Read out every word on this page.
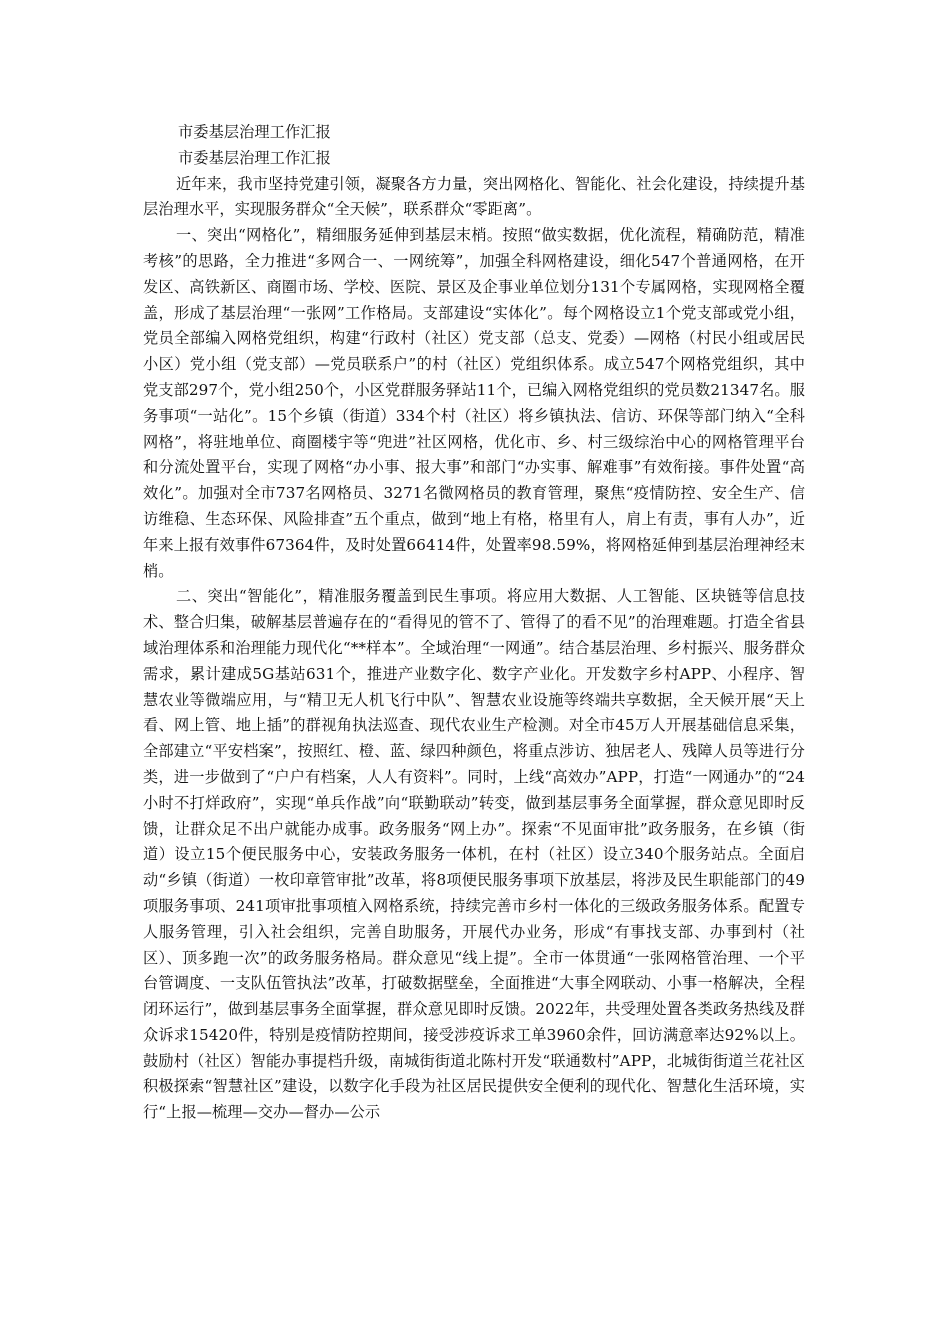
市委基层治理工作汇报

市委基层治理工作汇报

近年来，我市坚持党建引领，凝聚各方力量，突出网格化、智能化、社会化建设，持续提升基层治理水平，实现服务群众“全天候”，联系群众“零距离”。

一、突出“网格化”，精细服务延伸到基层末梢。按照“做实数据，优化流程，精确防范，精准考核”的思路，全力推进“多网合一、一网统筹”，加强全科网格建设，细化547个普通网格，在开发区、高铁新区、商圈市场、学校、医院、景区及企事业单位划分131个专属网格，实现网格全覆盖，形成了基层治理“一张网”工作格局。支部建设“实体化”。每个网格设立1个党支部或党小组，党员全部编入网格党组织，构建“行政村（社区）党支部（总支、党委）—网格（村民小组或居民小区）党小组（党支部）—党员联系户”的村（社区）党组织体系。成立547个网格党组织，其中党支部297个，党小组250个，小区党群服务驿站11个，已编入网格党组织的党员数21347名。服务事项“一站化”。15个乡镇（街道）334个村（社区）将乡镇执法、信访、环保等部门纳入“全科网格”，将驻地单位、商圈楼宇等“兜进”社区网格，优化市、乡、村三级综治中心的网格管理平台和分流处置平台，实现了网格“办小事、报大事”和部门“办实事、解难事”有效衔接。事件处置“高效化”。加强对全市737名网格员、3271名微网格员的教育管理，聚焦“疫情防控、安全生产、信访维稳、生态环保、风险排查”五个重点，做到“地上有格，格里有人，肩上有责，事有人办”，近年来上报有效事件67364件，及时处置66414件，处置率98.59%，将网格延伸到基层治理神经末梢。

二、突出“智能化”，精准服务覆盖到民生事项。将应用大数据、人工智能、区块链等信息技术、整合归集，破解基层普遍存在的“看得见的管不了、管得了的看不见”的治理难题。打造全省县域治理体系和治理能力现代化“**样本”。全域治理“一网通”。结合基层治理、乡村振兴、服务群众需求，累计建成5G基站631个，推进产业数字化、数字产业化。开发数字乡村APP、小程序、智慧农业等微端应用，与“精卫无人机飞行中队”、智慧农业设施等终端共享数据，全天候开展“天上看、网上管、地上插”的群视角执法巡查、现代农业生产检测。对全市45万人开展基础信息采集，全部建立“平安档案”，按照红、橙、蓝、绿四种颜色，将重点涉访、独居老人、残障人员等进行分类，进一步做到了“户户有档案，人人有资料”。同时，上线“高效办”APP，打造“一网通办”的“24小时不打烊政府”，实现“单兵作战”向“联勤联动”转变，做到基层事务全面掌握，群众意见即时反馈，让群众足不出户就能办成事。政务服务“网上办”。探索“不见面审批”政务服务，在乡镇（街道）设立15个便民服务中心，安装政务服务一体机，在村（社区）设立340个服务站点。全面启动“乡镇（街道）一枚印章管审批”改革，将8项便民服务事项下放基层，将涉及民生职能部门的49项服务事项、241项审批事项植入网格系统，持续完善市乡村一体化的三级政务服务体系。配置专人服务管理，引入社会组织，完善自助服务，开展代办业务，形成“有事找支部、办事到村（社区）、顶多跑一次”的政务服务格局。群众意见“线上提”。全市一体贯通“一张网格管治理、一个平台管调度、一支队伍管执法”改革，打破数据壁垒，全面推进“大事全网联动、小事一格解决，全程闭环运行”，做到基层事务全面掌握，群众意见即时反馈。2022年，共受理处置各类政务热线及群众诉求15420件，特别是疫情防控期间，接受涉疫诉求工单3960余件，回访满意率达92%以上。鼓励村（社区）智能办事提档升级，南城街街道北陈村开发“联通数村”APP，北城街街道兰花社区积极探索“智慧社区”建设，以数字化手段为社区居民提供安全便利的现代化、智慧化生活环境，实行“上报—梳理—交办—督办—公示
